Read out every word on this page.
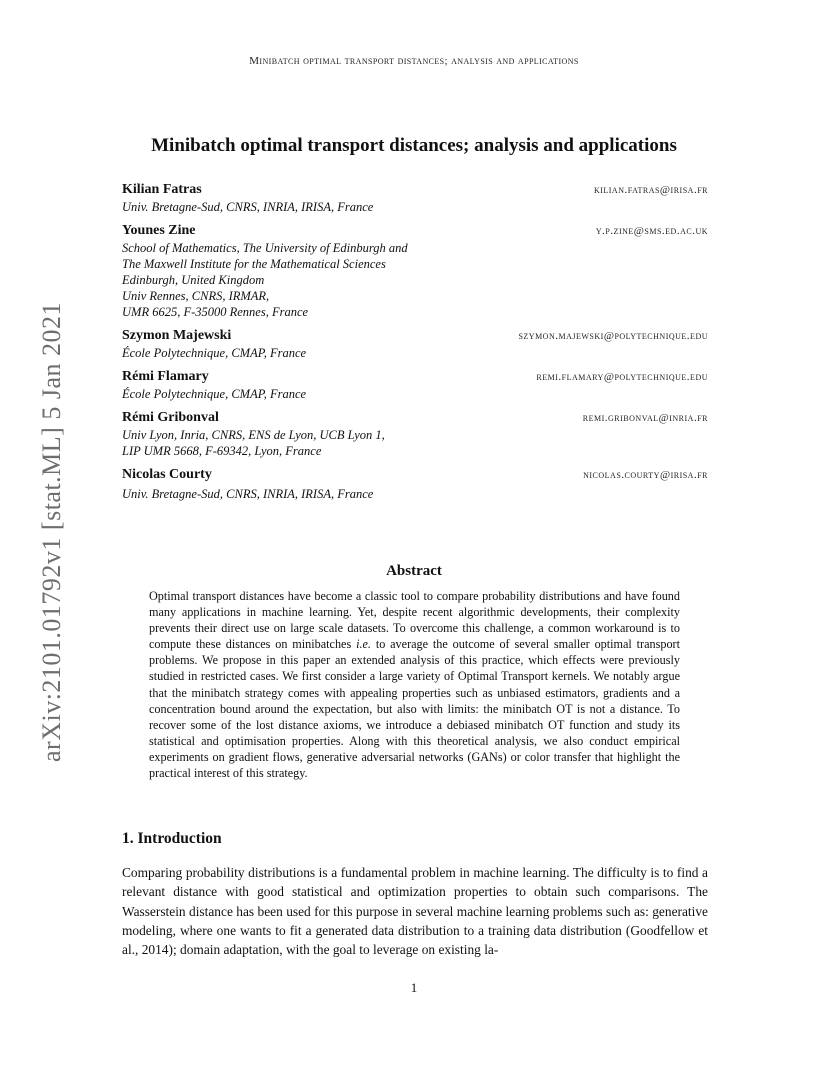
Minibatch optimal transport distances; analysis and applications
arXiv:2101.01792v1 [stat.ML] 5 Jan 2021
Minibatch optimal transport distances; analysis and applications
Kilian Fatras	kilian.fatras@irisa.fr
Univ. Bretagne-Sud, CNRS, INRIA, IRISA, France
Younes Zine	y.p.zine@sms.ed.ac.uk
School of Mathematics, The University of Edinburgh and
The Maxwell Institute for the Mathematical Sciences
Edinburgh, United Kingdom
Univ Rennes, CNRS, IRMAR,
UMR 6625, F-35000 Rennes, France
Szymon Majewski	szymon.majewski@polytechnique.edu
École Polytechnique, CMAP, France
Rémi Flamary	remi.flamary@polytechnique.edu
École Polytechnique, CMAP, France
Rémi Gribonval	remi.gribonval@inria.fr
Univ Lyon, Inria, CNRS, ENS de Lyon, UCB Lyon 1,
LIP UMR 5668, F-69342, Lyon, France
Nicolas Courty	nicolas.courty@irisa.fr
Univ. Bretagne-Sud, CNRS, INRIA, IRISA, France
Abstract
Optimal transport distances have become a classic tool to compare probability distributions and have found many applications in machine learning. Yet, despite recent algorithmic developments, their complexity prevents their direct use on large scale datasets. To overcome this challenge, a common workaround is to compute these distances on minibatches i.e. to average the outcome of several smaller optimal transport problems. We propose in this paper an extended analysis of this practice, which effects were previously studied in restricted cases. We first consider a large variety of Optimal Transport kernels. We notably argue that the minibatch strategy comes with appealing properties such as unbiased estimators, gradients and a concentration bound around the expectation, but also with limits: the minibatch OT is not a distance. To recover some of the lost distance axioms, we introduce a debiased minibatch OT function and study its statistical and optimisation properties. Along with this theoretical analysis, we also conduct empirical experiments on gradient flows, generative adversarial networks (GANs) or color transfer that highlight the practical interest of this strategy.
1. Introduction
Comparing probability distributions is a fundamental problem in machine learning. The difficulty is to find a relevant distance with good statistical and optimization properties to obtain such comparisons. The Wasserstein distance has been used for this purpose in several machine learning problems such as: generative modeling, where one wants to fit a generated data distribution to a training data distribution (Goodfellow et al., 2014); domain adaptation, with the goal to leverage on existing la-
1
